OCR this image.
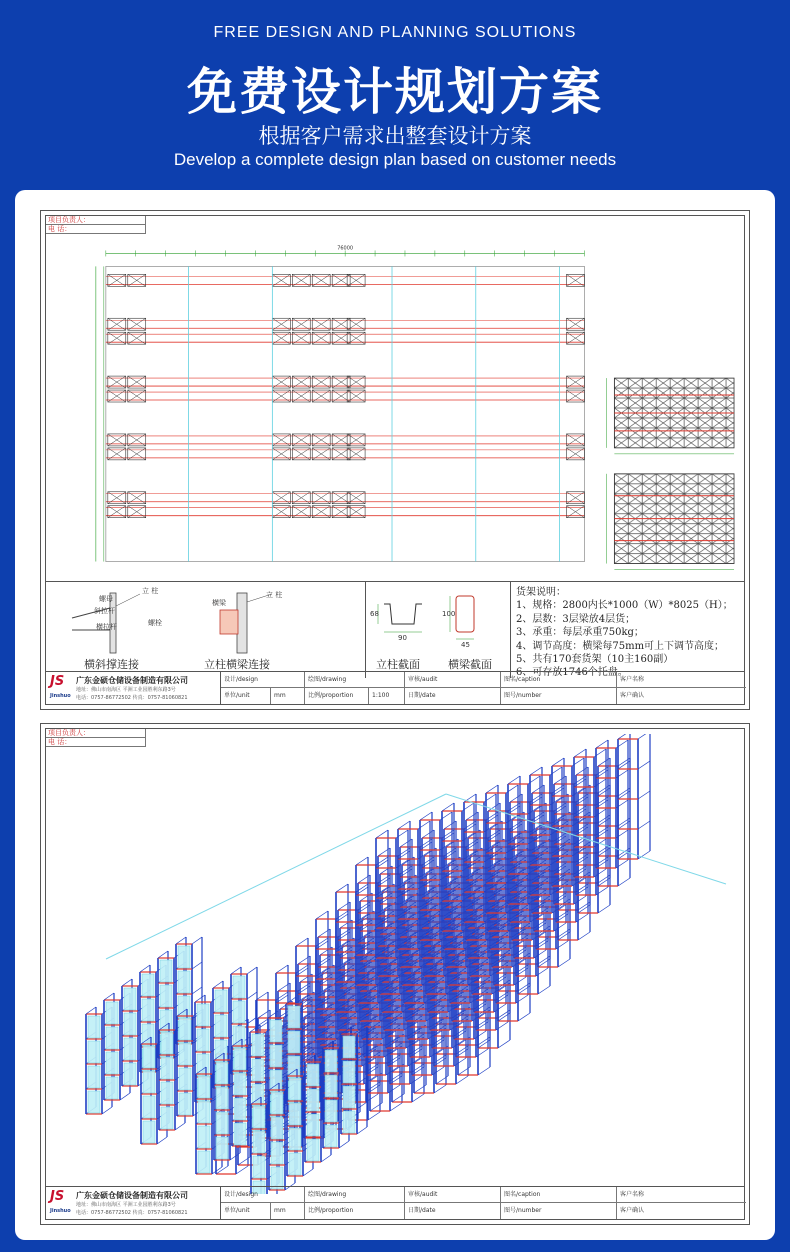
FREE DESIGN AND PLANNING SOLUTIONS
免费设计规划方案
根据客户需求出整套设计方案
Develop a complete design plan based on customer needs
项目负责人：
电 话：
76000
螺母
立 柱
斜拉杆
横拉杆	螺栓
横梁
立 柱
横斜撑连接	立柱横梁连接
90
68	100
45
立柱截面	横梁截面
货架说明：
1、规格：2800内长*1000（W）*8025（H）；
2、层数：3层梁放4层货；
3、承重：每层承重750kg；
4、调节高度：横梁每75mm可上下调节高度；
5、共有170套货架（10主160副）
6、可存放1746个托盘。
JS
Jinshuo
广东金硕仓储设备制造有限公司
地址：佛山市南海区 平洲工业园胜利东路3号
电话：0757-86772502 传真：0757-81060821
设计/design	绘图/drawing	审核/audit	图名/caption	客户名称
单位/unit	mm	比例/proportion	1:100	日期/date	图号/number	客户确认
项目负责人：
电 话：
JS
Jinshuo
广东金硕仓储设备制造有限公司
地址：佛山市南海区 平洲工业园胜利东路3号
电话：0757-86772502 传真：0757-81060821
设计/design	绘图/drawing	审核/audit	图名/caption	客户名称
单位/unit	mm	比例/proportion	日期/date	图号/number	客户确认
